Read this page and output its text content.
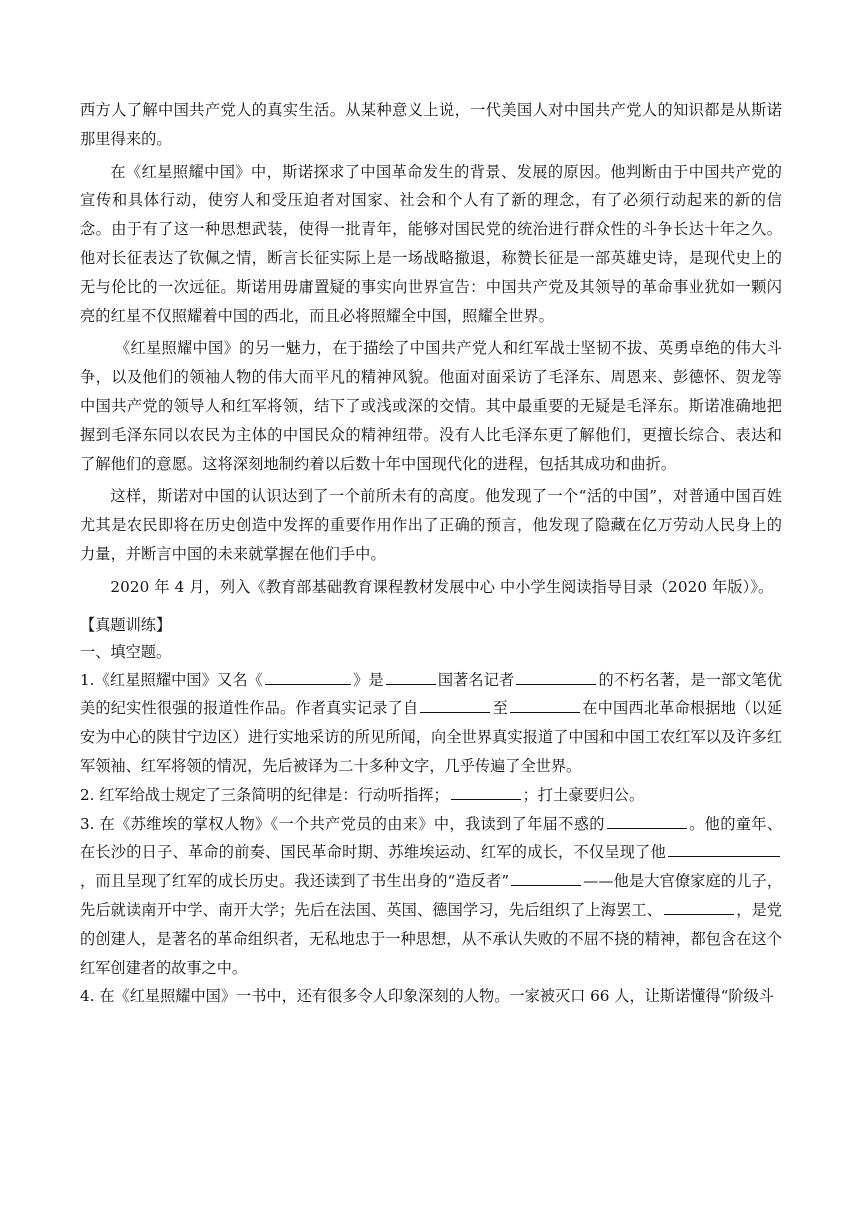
西方人了解中国共产党人的真实生活。从某种意义上说，一代美国人对中国共产党人的知识都是从斯诺那里得来的。

在《红星照耀中国》中，斯诺探求了中国革命发生的背景、发展的原因。他判断由于中国共产党的宣传和具体行动，使穷人和受压迫者对国家、社会和个人有了新的理念，有了必须行动起来的新的信念。由于有了这一种思想武装，使得一批青年，能够对国民党的统治进行群众性的斗争长达十年之久。他对长征表达了钦佩之情，断言长征实际上是一场战略撤退，称赞长征是一部英雄史诗，是现代史上的无与伦比的一次远征。斯诺用毋庸置疑的事实向世界宣告：中国共产党及其领导的革命事业犹如一颗闪亮的红星不仅照耀着中国的西北，而且必将照耀全中国，照耀全世界。

《红星照耀中国》的另一魅力，在于描绘了中国共产党人和红军战士坚韧不拔、英勇卓绝的伟大斗争，以及他们的领袖人物的伟大而平凡的精神风貌。他面对面采访了毛泽东、周恩来、彭德怀、贺龙等中国共产党的领导人和红军将领，结下了或浅或深的交情。其中最重要的无疑是毛泽东。斯诺准确地把握到毛泽东同以农民为主体的中国民众的精神纽带。没有人比毛泽东更了解他们，更擅长综合、表达和了解他们的意愿。这将深刻地制约着以后数十年中国现代化的进程，包括其成功和曲折。

这样，斯诺对中国的认识达到了一个前所未有的高度。他发现了一个“活的中国”，对普通中国百姓尤其是农民即将在历史创造中发挥的重要作用作出了正确的预言，他发现了隐藏在亿万劳动人民身上的力量，并断言中国的未来就掌握在他们手中。

2020 年 4 月，列入《教育部基础教育课程教材发展中心 中小学生阅读指导目录（2020 年版）》。

【真题训练】
一、填空题。

1.《红星照耀中国》又名《	》是	国著名记者	的不朽名著，是一部文笔优美的纪实性很强的报道性作品。作者真实记录了自	至	在中国西北革命根据地（以延安为中心的陕甘宁边区）进行实地采访的所见所闻，向全世界真实报道了中国和中国工农红军以及许多红军领袖、红军将领的情况，先后被译为二十多种文字，几乎传遍了全世界。

2. 红军给战士规定了三条简明的纪律是：行动听指挥；	；打土豪要归公。

3. 在《苏维埃的掌权人物》《一个共产党员的由来》中，我读到了年届不惑的	。他的童年、在长沙的日子、革命的前奏、国民革命时期、苏维埃运动、红军的成长，不仅呈现了他，而且呈现了红军的成长历史。我还读到了书生出身的“造反者”	——他是大官僚家庭的儿子，先后就读南开中学、南开大学；先后在法国、英国、德国学习，先后组织了上海罢工、	，是党的创建人，是著名的革命组织者，无私地忠于一种思想，从不承认失败的不屈不挠的精神，都包含在这个红军创建者的故事之中。

4. 在《红星照耀中国》一书中，还有很多令人印象深刻的人物。一家被灭口 66 人，让斯诺懂得“阶级斗
